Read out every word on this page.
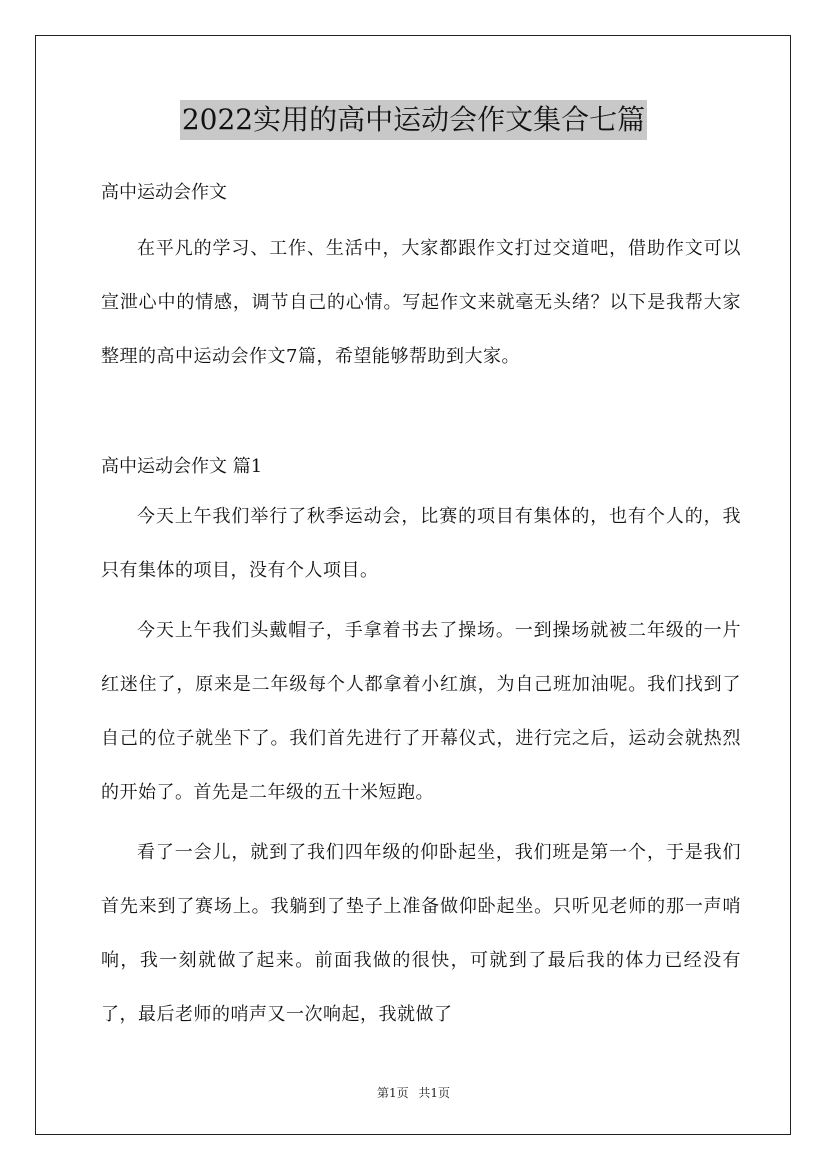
2022实用的高中运动会作文集合七篇

高中运动会作文

在平凡的学习、工作、生活中，大家都跟作文打过交道吧，借助作文可以宣泄心中的情感，调节自己的心情。写起作文来就毫无头绪？以下是我帮大家整理的高中运动会作文7篇，希望能够帮助到大家。

高中运动会作文 篇1

今天上午我们举行了秋季运动会，比赛的项目有集体的，也有个人的，我只有集体的项目，没有个人项目。

今天上午我们头戴帽子，手拿着书去了操场。一到操场就被二年级的一片红迷住了，原来是二年级每个人都拿着小红旗，为自己班加油呢。我们找到了自己的位子就坐下了。我们首先进行了开幕仪式，进行完之后，运动会就热烈的开始了。首先是二年级的五十米短跑。

看了一会儿，就到了我们四年级的仰卧起坐，我们班是第一个，于是我们首先来到了赛场上。我躺到了垫子上准备做仰卧起坐。只听见老师的那一声哨响，我一刻就做了起来。前面我做的很快，可就到了最后我的体力已经没有了，最后老师的哨声又一次响起，我就做了

第1页 共1页
